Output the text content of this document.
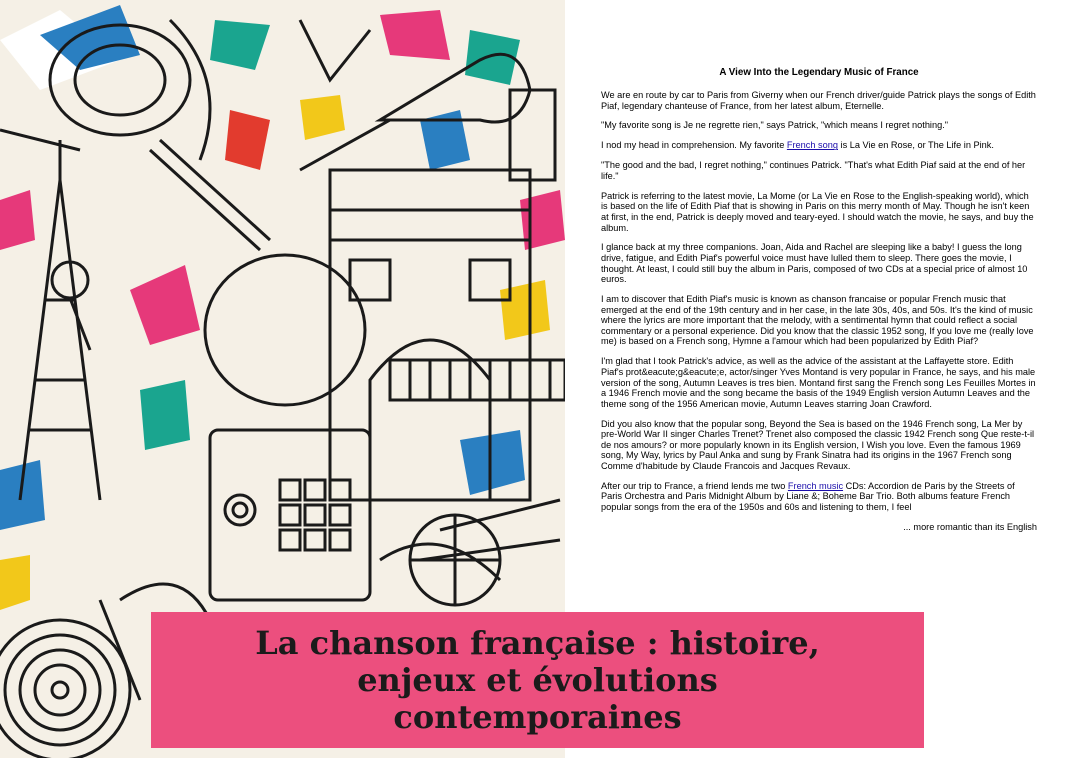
A View Into the Legendary Music of France

We are en route by car to Paris from Giverny when our French driver/guide Patrick plays the songs of Edith Piaf, legendary chanteuse of France, from her latest album, Eternelle.

"My favorite song is Je ne regrette rien," says Patrick, "which means I regret nothing."

I nod my head in comprehension. My favorite French song is La Vie en Rose, or The Life in Pink.

"The good and the bad, I regret nothing," continues Patrick. "That's what Edith Piaf said at the end of her life."

Patrick is referring to the latest movie, La Mome (or La Vie en Rose to the English-speaking world), which is based on the life of Edith Piaf that is showing in Paris on this merry month of May. Though he isn't keen at first, in the end, Patrick is deeply moved and teary-eyed. I should watch the movie, he says, and buy the album.

I glance back at my three companions. Joan, Aida and Rachel are sleeping like a baby! I guess the long drive, fatigue, and Edith Piaf's powerful voice must have lulled them to sleep. There goes the movie, I thought. At least, I could still buy the album in Paris, composed of two CDs at a special price of almost 10 euros.

I am to discover that Edith Piaf's music is known as chanson francaise or popular French music that emerged at the end of the 19th century and in her case, in the late 30s, 40s, and 50s. It's the kind of music where the lyrics are more important that the melody, with a sentimental hymn that could reflect a social commentary or a personal experience. Did you know that the classic 1952 song, If you love me (really love me) is based on a French song, Hymne a l'amour which had been popularized by Edith Piaf?

I'm glad that I took Patrick's advice, as well as the advice of the assistant at the Laffayette store. Edith Piaf's prot&eacute;g&eacute;e, actor/singer Yves Montand is very popular in France, he says, and his male version of the song, Autumn Leaves is tres bien. Montand first sang the French song Les Feuilles Mortes in a 1946 French movie and the song became the basis of the 1949 English version Autumn Leaves and the theme song of the 1956 American movie, Autumn Leaves starring Joan Crawford.

Did you also know that the popular song, Beyond the Sea is based on the 1946 French song, La Mer by pre-World War II singer Charles Trenet? Trenet also composed the classic 1942 French song Que reste-t-il de nos amours? or more popularly known in its English version, I Wish you love. Even the famous 1969 song, My Way, lyrics by Paul Anka and sung by Frank Sinatra had its origins in the 1967 French song Comme d'habitude by Claude Francois and Jacques Revaux.

After our trip to France, a friend lends me two French music CDs: Accordion de Paris by the Streets of Paris Orchestra and Paris Midnight Album by Liane &; Boheme Bar Trio. Both albums feature French popular songs from the era of the 1950s and 60s and listening to them, I feel

... more romantic than its English

La chanson française : histoire, enjeux et évolutions contemporaines
